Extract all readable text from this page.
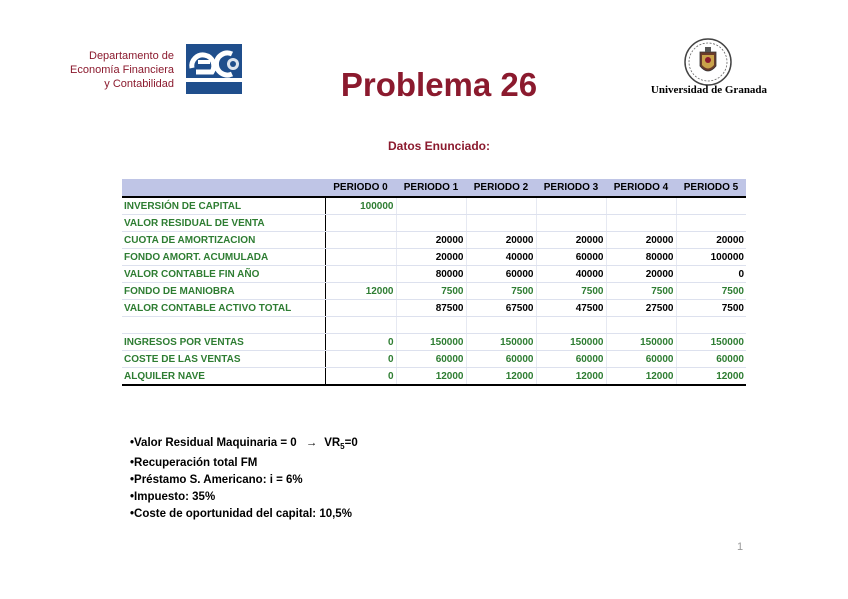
Departamento de
Economía Financiera
y Contabilidad	Problema 26	Universidad de Granada
Datos Enunciado:
	PERIODO 0	PERIODO 1	PERIODO 2	PERIODO 3	PERIODO 4	PERIODO 5
INVERSIÓN DE CAPITAL	100000					
VALOR RESIDUAL DE VENTA						
CUOTA DE AMORTIZACION		20000	20000	20000	20000	20000
FONDO AMORT. ACUMULADA		20000	40000	60000	80000	100000
VALOR CONTABLE FIN AÑO		80000	60000	40000	20000	0
FONDO DE MANIOBRA	12000	7500	7500	7500	7500	7500
VALOR CONTABLE ACTIVO TOTAL		87500	67500	47500	27500	7500

INGRESOS POR VENTAS	0	150000	150000	150000	150000	150000
COSTE DE LAS VENTAS	0	60000	60000	60000	60000	60000
ALQUILER NAVE	0	12000	12000	12000	12000	12000
•Valor Residual Maquinaria = $0 \to VR_5=0$
•Recuperación total FM
•Préstamo S. Americano: i = 6%
•Impuesto: 35%
•Coste de oportunidad del capital: 10,5%
1
